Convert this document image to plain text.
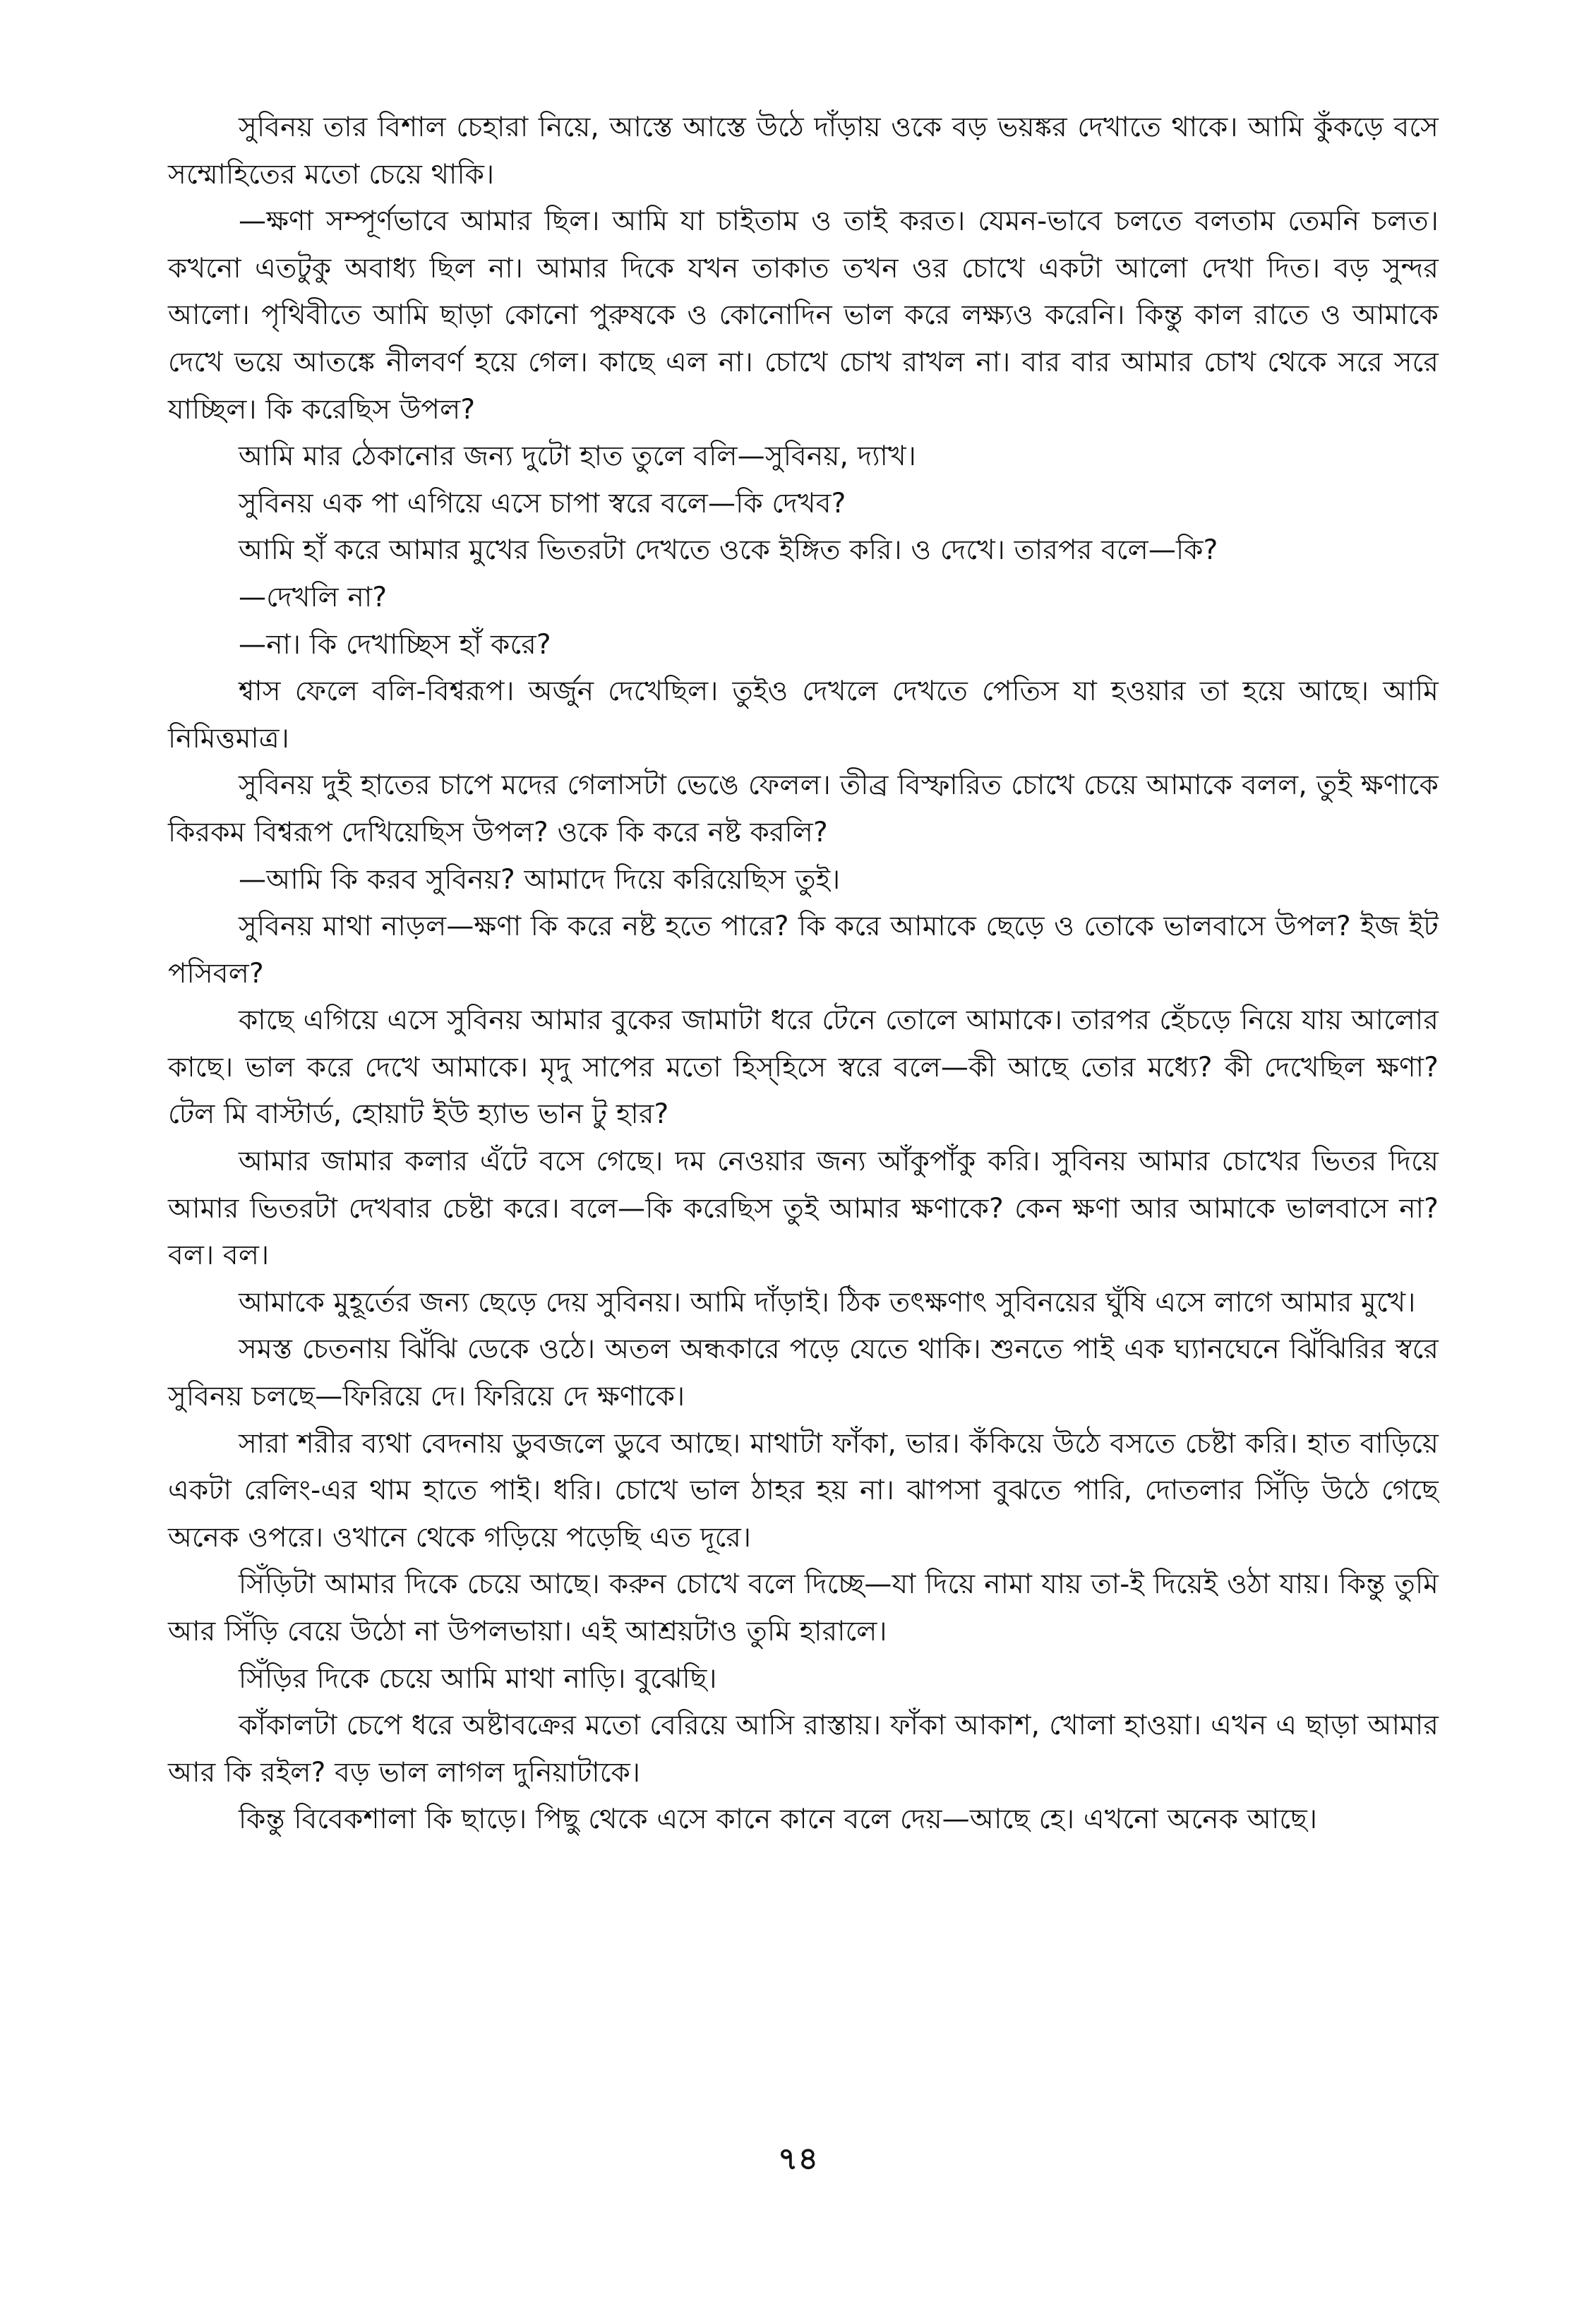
সুবিনয় তার বিশাল চেহারা নিয়ে, আস্তে আস্তে উঠে দাঁড়ায় ওকে বড় ভয়ঙ্কর দেখাতে থাকে। আমি কুঁকড়ে বসে সম্মোহিতের মতো চেয়ে থাকি।

—ক্ষণা সম্পূর্ণভাবে আমার ছিল। আমি যা চাইতাম ও তাই করত। যেমন-ভাবে চলতে বলতাম তেমনি চলত। কখনো এতটুকু অবাধ্য ছিল না। আমার দিকে যখন তাকাত তখন ওর চোখে একটা আলো দেখা দিত। বড় সুন্দর আলো। পৃথিবীতে আমি ছাড়া কোনো পুরুষকে ও কোনোদিন ভাল করে লক্ষ্যও করেনি। কিন্তু কাল রাতে ও আমাকে দেখে ভয়ে আতঙ্কে নীলবর্ণ হয়ে গেল। কাছে এল না। চোখে চোখ রাখল না। বার বার আমার চোখ থেকে সরে সরে যাচ্ছিল। কি করেছিস উপল?

আমি মার ঠেকানোর জন্য দুটো হাত তুলে বলি—সুবিনয়, দ্যাখ।

সুবিনয় এক পা এগিয়ে এসে চাপা স্বরে বলে—কি দেখব?

আমি হাঁ করে আমার মুখের ভিতরটা দেখতে ওকে ইঙ্গিত করি। ও দেখে। তারপর বলে—কি?

—দেখলি না?

—না। কি দেখাচ্ছিস হাঁ করে?

শ্বাস ফেলে বলি-বিশ্বরূপ। অর্জুন দেখেছিল। তুইও দেখলে দেখতে পেতিস যা হওয়ার তা হয়ে আছে। আমি নিমিত্তমাত্র।

সুবিনয় দুই হাতের চাপে মদের গেলাসটা ভেঙে ফেলল। তীব্র বিস্ফারিত চোখে চেয়ে আমাকে বলল, তুই ক্ষণাকে কিরকম বিশ্বরূপ দেখিয়েছিস উপল? ওকে কি করে নষ্ট করলি?

—আমি কি করব সুবিনয়? আমাদে দিয়ে করিয়েছিস তুই।

সুবিনয় মাথা নাড়ল—ক্ষণা কি করে নষ্ট হতে পারে? কি করে আমাকে ছেড়ে ও তোকে ভালবাসে উপল? ইজ ইট পসিবল?

কাছে এগিয়ে এসে সুবিনয় আমার বুকের জামাটা ধরে টেনে তোলে আমাকে। তারপর হেঁচড়ে নিয়ে যায় আলোর কাছে। ভাল করে দেখে আমাকে। মৃদু সাপের মতো হিস্‌হিসে স্বরে বলে—কী আছে তোর মধ্যে? কী দেখেছিল ক্ষণা? টেল মি বাস্টার্ড, হোয়াট ইউ হ্যাভ ভান টু হার?

আমার জামার কলার এঁটে বসে গেছে। দম নেওয়ার জন্য আঁকুপাঁকু করি। সুবিনয় আমার চোখের ভিতর দিয়ে আমার ভিতরটা দেখবার চেষ্টা করে। বলে—কি করেছিস তুই আমার ক্ষণাকে? কেন ক্ষণা আর আমাকে ভালবাসে না? বল। বল।

আমাকে মুহূর্তের জন্য ছেড়ে দেয় সুবিনয়। আমি দাঁড়াই। ঠিক তৎক্ষণাৎ সুবিনয়ের ঘুঁষি এসে লাগে আমার মুখে।

সমস্ত চেতনায় ঝিঁঝি ডেকে ওঠে। অতল অন্ধকারে পড়ে যেতে থাকি। শুনতে পাই এক ঘ্যানঘেনে ঝিঁঝিরির স্বরে সুবিনয় চলছে—ফিরিয়ে দে। ফিরিয়ে দে ক্ষণাকে।

সারা শরীর ব্যথা বেদনায় ডুবজলে ডুবে আছে। মাথাটা ফাঁকা, ভার। কঁকিয়ে উঠে বসতে চেষ্টা করি। হাত বাড়িয়ে একটা রেলিং-এর থাম হাতে পাই। ধরি। চোখে ভাল ঠাহর হয় না। ঝাপসা বুঝতে পারি, দোতলার সিঁড়ি উঠে গেছে অনেক ওপরে। ওখানে থেকে গড়িয়ে পড়েছি এত দূরে।

সিঁড়িটা আমার দিকে চেয়ে আছে। করুন চোখে বলে দিচ্ছে—যা দিয়ে নামা যায় তা-ই দিয়েই ওঠা যায়। কিন্তু তুমি আর সিঁড়ি বেয়ে উঠো না উপলভায়া। এই আশ্রয়টাও তুমি হারালে।

সিঁড়ির দিকে চেয়ে আমি মাথা নাড়ি। বুঝেছি।

কাঁকালটা চেপে ধরে অষ্টাবক্রের মতো বেরিয়ে আসি রাস্তায়। ফাঁকা আকাশ, খোলা হাওয়া। এখন এ ছাড়া আমার আর কি রইল? বড় ভাল লাগল দুনিয়াটাকে।

কিন্তু বিবেকশালা কি ছাড়ে। পিছু থেকে এসে কানে কানে বলে দেয়—আছে হে। এখনো অনেক আছে।

৭৪
